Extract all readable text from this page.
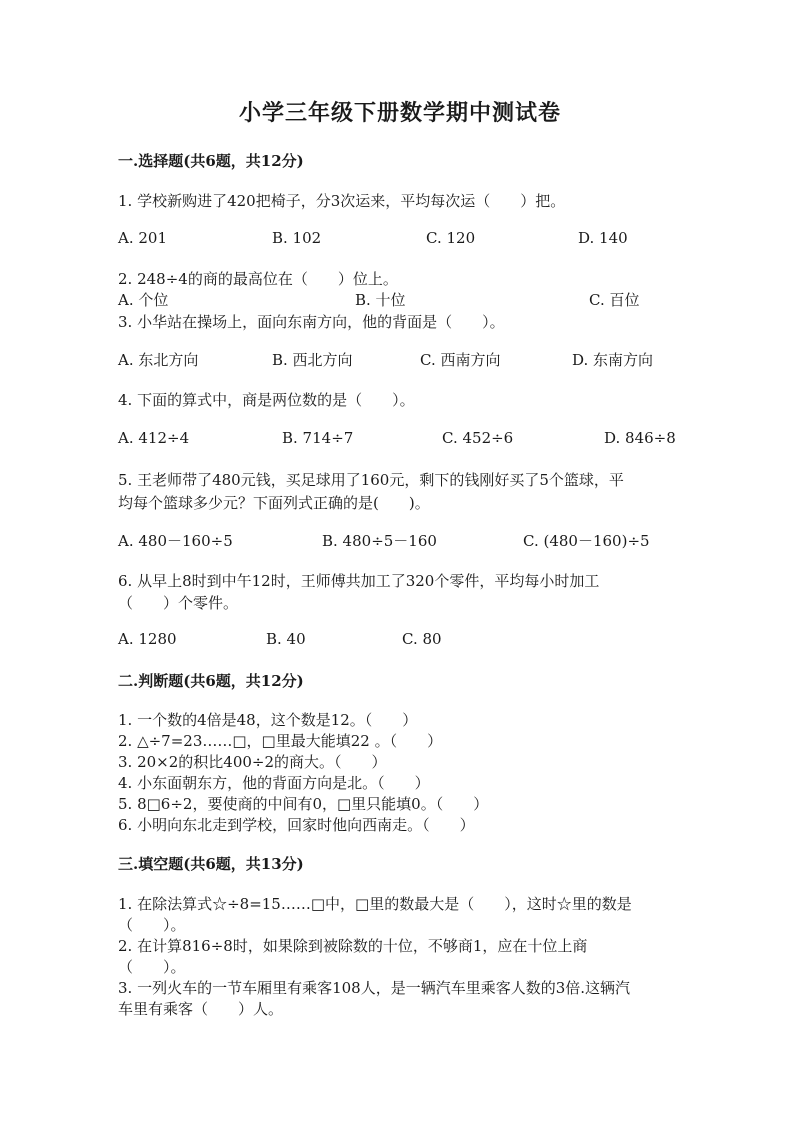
小学三年级下册数学期中测试卷
一.选择题(共6题，共12分)
1. 学校新购进了420把椅子，分3次运来，平均每次运（　　）把。
A. 201	B. 102	C. 120	D. 140
2. 248÷4的商的最高位在（　　）位上。
A. 个位	B. 十位	C. 百位
3. 小华站在操场上，面向东南方向，他的背面是（　　）。
A. 东北方向	B. 西北方向	C. 西南方向	D. 东南方向
4. 下面的算式中，商是两位数的是（　　）。
A. 412÷4	B. 714÷7	C. 452÷6	D. 846÷8
5. 王老师带了480元钱，买足球用了160元，剩下的钱刚好买了5个篮球，平
均每个篮球多少元？下面列式正确的是(　　)。
A. 480－160÷5	B. 480÷5－160	C. (480－160)÷5
6. 从早上8时到中午12时，王师傅共加工了320个零件，平均每小时加工
（　　）个零件。
A. 1280	B. 40	C. 80
二.判断题(共6题，共12分)
1. 一个数的4倍是48，这个数是12。（　　）
2. △÷7=23……□，□里最大能填22 。（　　）
3. 20×2的积比400÷2的商大。（　　）
4. 小东面朝东方，他的背面方向是北。（　　）
5. 8□6÷2，要使商的中间有0，□里只能填0。（　　）
6. 小明向东北走到学校，回家时他向西南走。（　　）
三.填空题(共6题，共13分)
1. 在除法算式☆÷8=15……□中，□里的数最大是（　　），这时☆里的数是
（　　）。
2. 在计算816÷8时，如果除到被除数的十位，不够商1，应在十位上商
（　　）。
3. 一列火车的一节车厢里有乘客108人，是一辆汽车里乘客人数的3倍.这辆汽
车里有乘客（　　）人。
